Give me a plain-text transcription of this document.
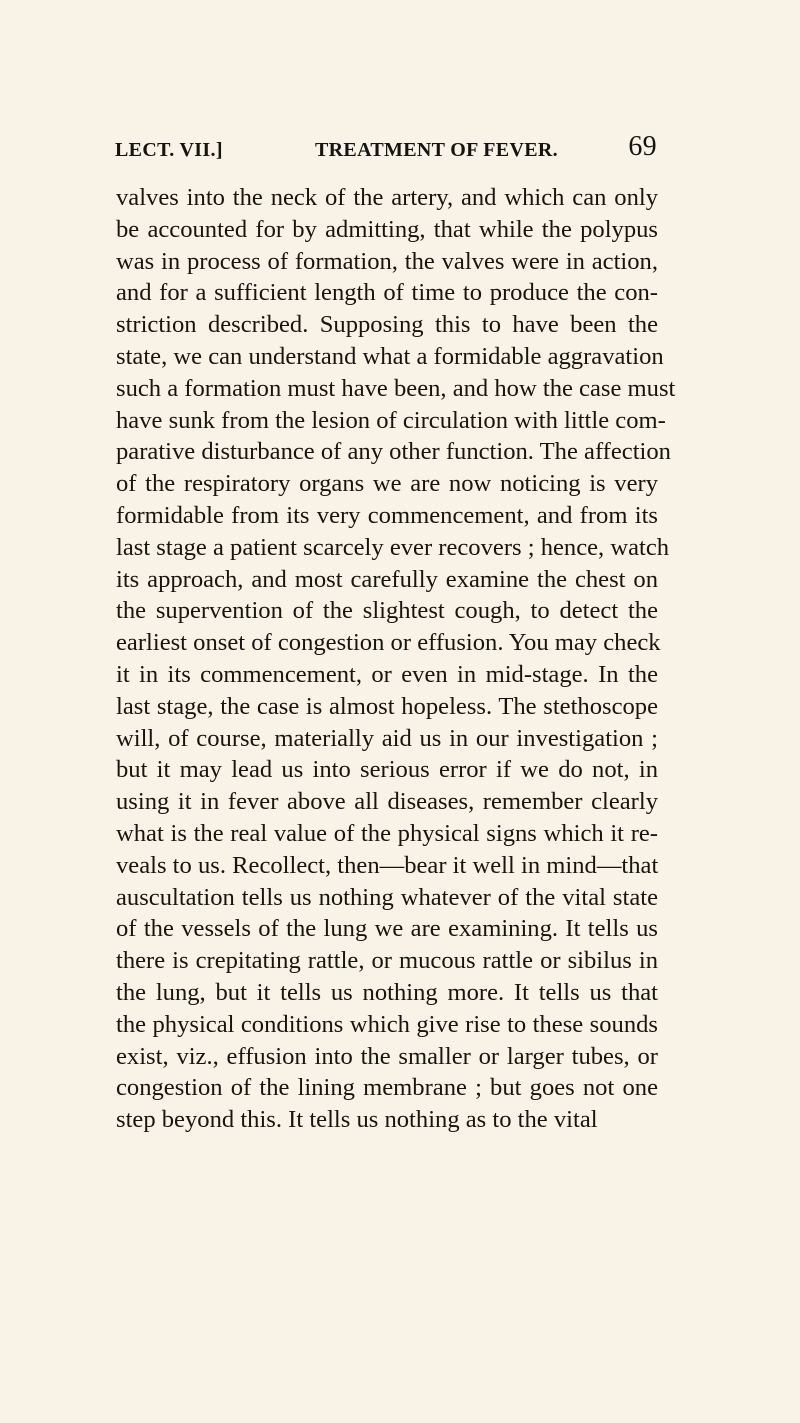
LECT. VII.]	TREATMENT OF FEVER.	69
valves into the neck of the artery, and which can only
be accounted for by admitting, that while the polypus
was in process of formation, the valves were in action,
and for a sufficient length of time to produce the con-
striction described. Supposing this to have been the
state, we can understand what a formidable aggravation
such a formation must have been, and how the case must
have sunk from the lesion of circulation with little com-
parative disturbance of any other function. The affection
of the respiratory organs we are now noticing is very
formidable from its very commencement, and from its
last stage a patient scarcely ever recovers ; hence, watch
its approach, and most carefully examine the chest on
the supervention of the slightest cough, to detect the
earliest onset of congestion or effusion. You may check
it in its commencement, or even in mid-stage. In the
last stage, the case is almost hopeless. The stethoscope
will, of course, materially aid us in our investigation ;
but it may lead us into serious error if we do not, in
using it in fever above all diseases, remember clearly
what is the real value of the physical signs which it re-
veals to us. Recollect, then—bear it well in mind—that
auscultation tells us nothing whatever of the vital state
of the vessels of the lung we are examining. It tells us
there is crepitating rattle, or mucous rattle or sibilus in
the lung, but it tells us nothing more. It tells us that
the physical conditions which give rise to these sounds
exist, viz., effusion into the smaller or larger tubes, or
congestion of the lining membrane ; but goes not one
step beyond this. It tells us nothing as to the vital
